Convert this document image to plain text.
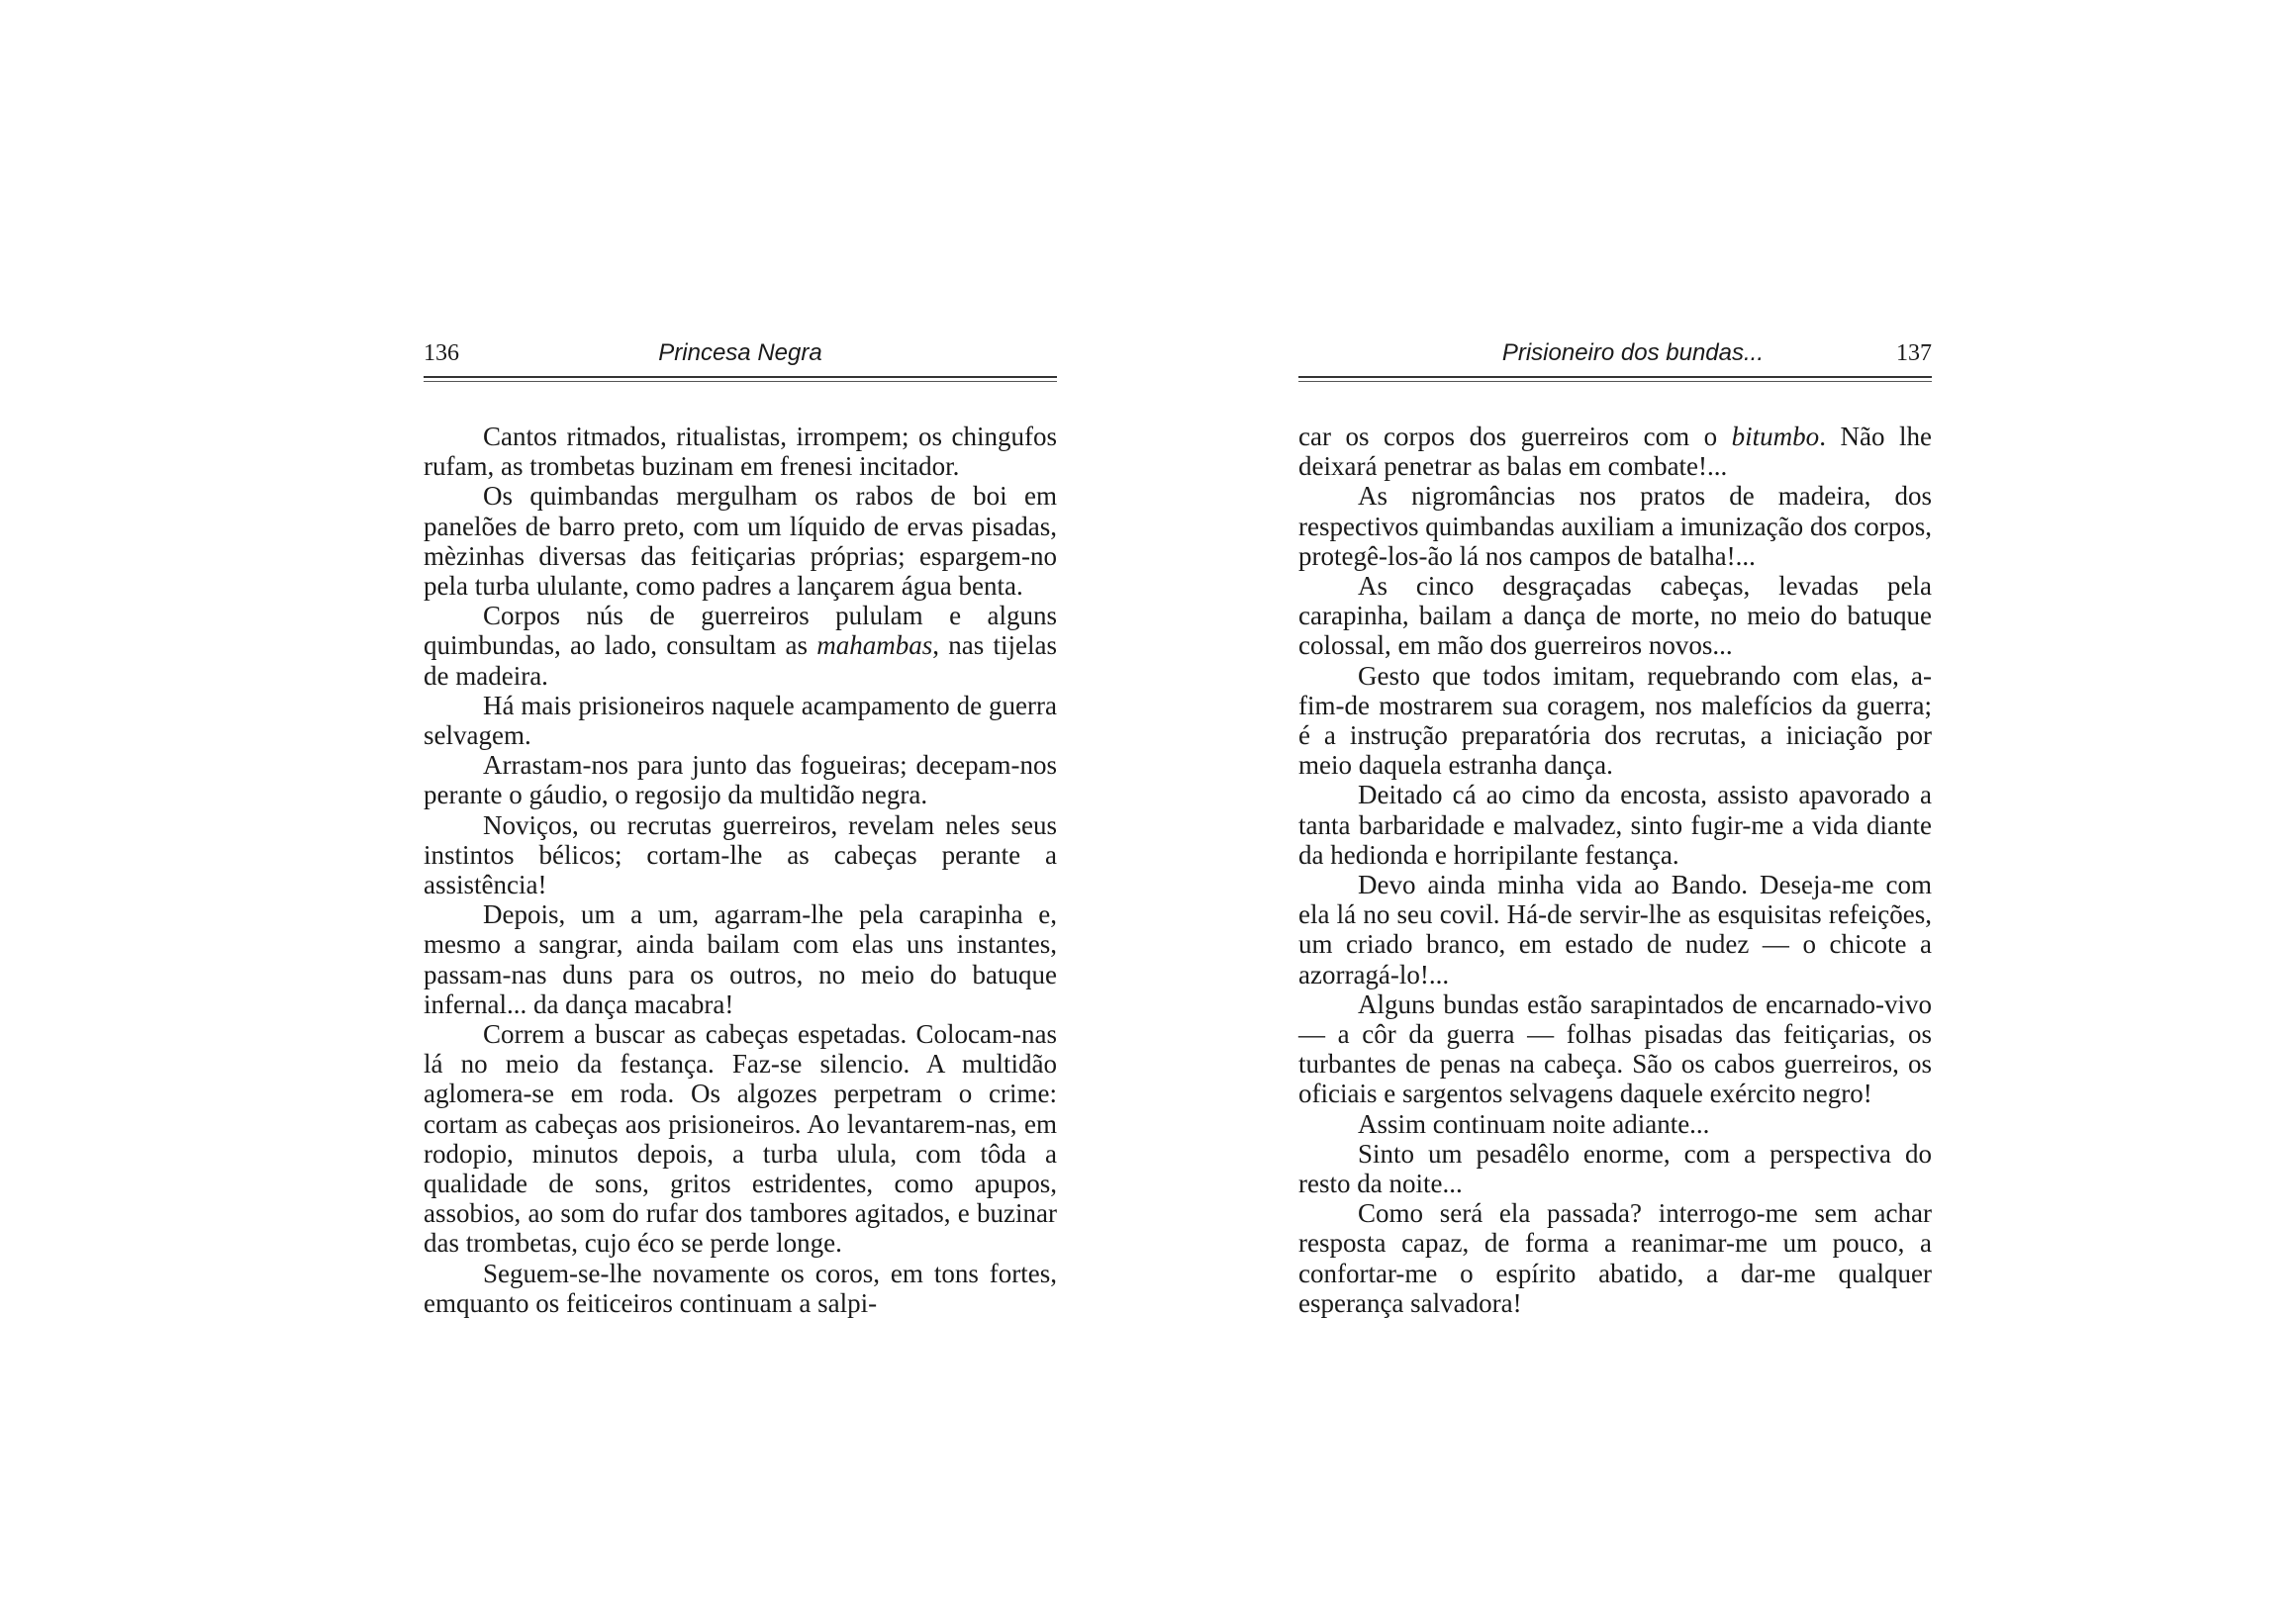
136	Princesa Negra

Cantos ritmados, ritualistas, irrompem; os chingufos rufam, as trombetas buzinam em frenesi incitador.

Os quimbandas mergulham os rabos de boi em panelões de barro preto, com um líquido de ervas pisadas, mèzinhas diversas das feitiçarias próprias; espargem-no pela turba ululante, como padres a lançarem água benta.

Corpos nús de guerreiros pululam e alguns quimbundas, ao lado, consultam as mahambas, nas tijelas de madeira.

Há mais prisioneiros naquele acampamento de guerra selvagem.

Arrastam-nos para junto das fogueiras; decepam-nos perante o gáudio, o regosijo da multidão negra.

Noviços, ou recrutas guerreiros, revelam neles seus instintos bélicos; cortam-lhe as cabeças perante a assistência!

Depois, um a um, agarram-lhe pela carapinha e, mesmo a sangrar, ainda bailam com elas uns instantes, passam-nas duns para os outros, no meio do batuque infernal... da dança macabra!

Correm a buscar as cabeças espetadas. Colocam-nas lá no meio da festança. Faz-se silencio. A multidão aglomera-se em roda. Os algozes perpetram o crime: cortam as cabeças aos prisioneiros. Ao levantarem-nas, em rodopio, minutos depois, a turba ulula, com tôda a qualidade de sons, gritos estridentes, como apupos, assobios, ao som do rufar dos tambores agitados, e buzinar das trombetas, cujo éco se perde longe.

Seguem-se-lhe novamente os coros, em tons fortes, emquanto os feiticeiros continuam a salpi-

Prisioneiro dos bundas...	137

car os corpos dos guerreiros com o bitumbo. Não lhe deixará penetrar as balas em combate!...

As nigromâncias nos pratos de madeira, dos respectivos quimbandas auxiliam a imunização dos corpos, protegê-los-ão lá nos campos de batalha!...

As cinco desgraçadas cabeças, levadas pela carapinha, bailam a dança de morte, no meio do batuque colossal, em mão dos guerreiros novos...

Gesto que todos imitam, requebrando com elas, a-fim-de mostrarem sua coragem, nos malefícios da guerra; é a instrução preparatória dos recrutas, a iniciação por meio daquela estranha dança.

Deitado cá ao cimo da encosta, assisto apavorado a tanta barbaridade e malvadez, sinto fugir-me a vida diante da hedionda e horripilante festança.

Devo ainda minha vida ao Bando. Deseja-me com ela lá no seu covil. Há-de servir-lhe as esquisitas refeições, um criado branco, em estado de nudez — o chicote a azorragá-lo!...

Alguns bundas estão sarapintados de encarnado-vivo — a côr da guerra — folhas pisadas das feitiçarias, os turbantes de penas na cabeça. São os cabos guerreiros, os oficiais e sargentos selvagens daquele exército negro!

Assim continuam noite adiante...

Sinto um pesadêlo enorme, com a perspectiva do resto da noite...

Como será ela passada? interrogo-me sem achar resposta capaz, de forma a reanimar-me um pouco, a confortar-me o espírito abatido, a dar-me qualquer esperança salvadora!
